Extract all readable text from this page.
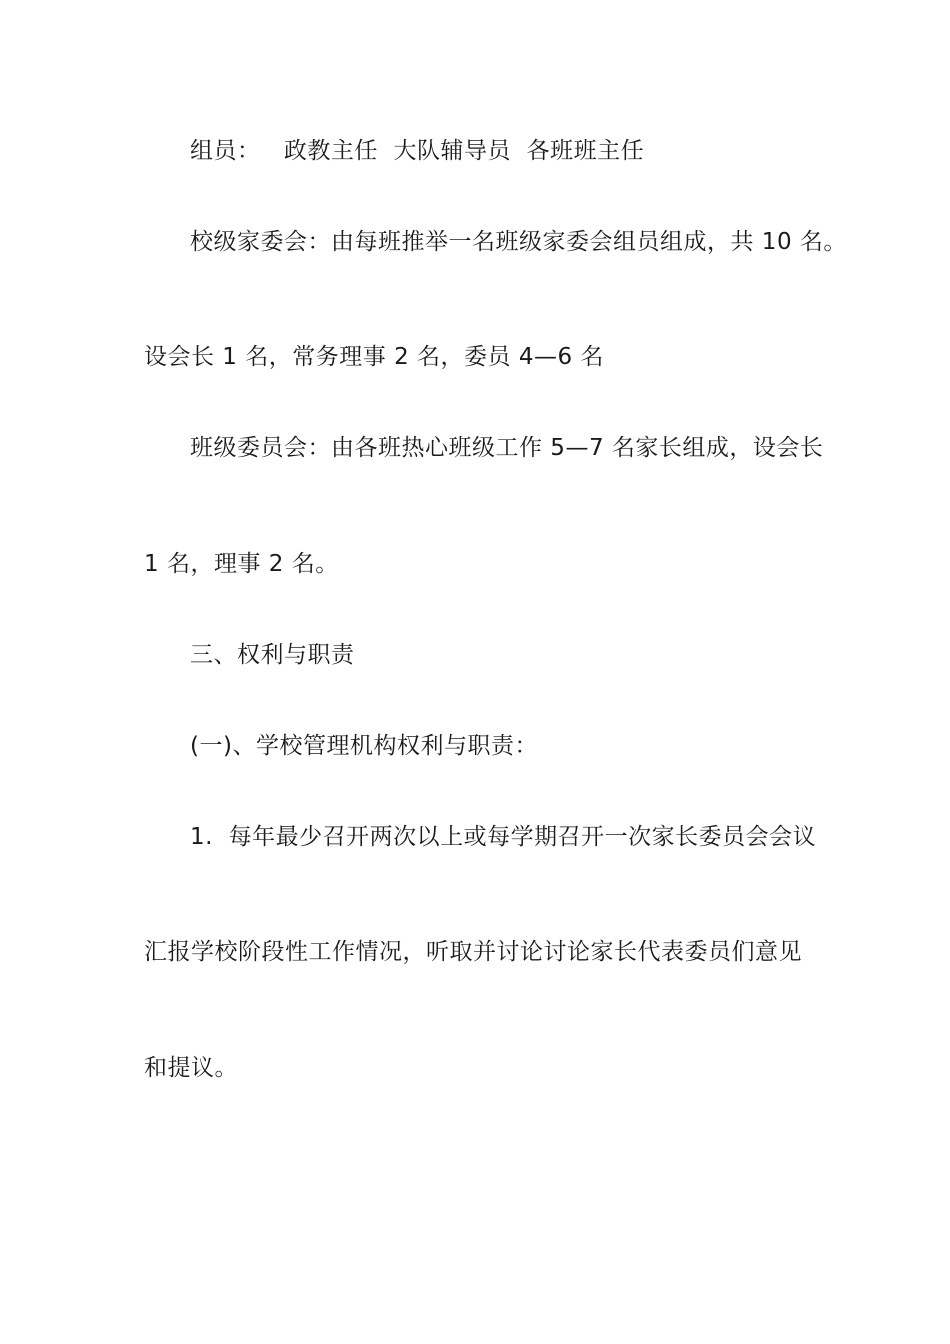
组员：   政教主任  大队辅导员  各班班主任
校级家委会：由每班推举一名班级家委会组员组成，共 10 名。
设会长 1 名，常务理事 2 名，委员 4—6 名
班级委员会：由各班热心班级工作 5—7 名家长组成，设会长
1 名，理事 2 名。
三、权利与职责
(一)、学校管理机构权利与职责：
1.  每年最少召开两次以上或每学期召开一次家长委员会会议
汇报学校阶段性工作情况，听取并讨论讨论家长代表委员们意见
和提议。
